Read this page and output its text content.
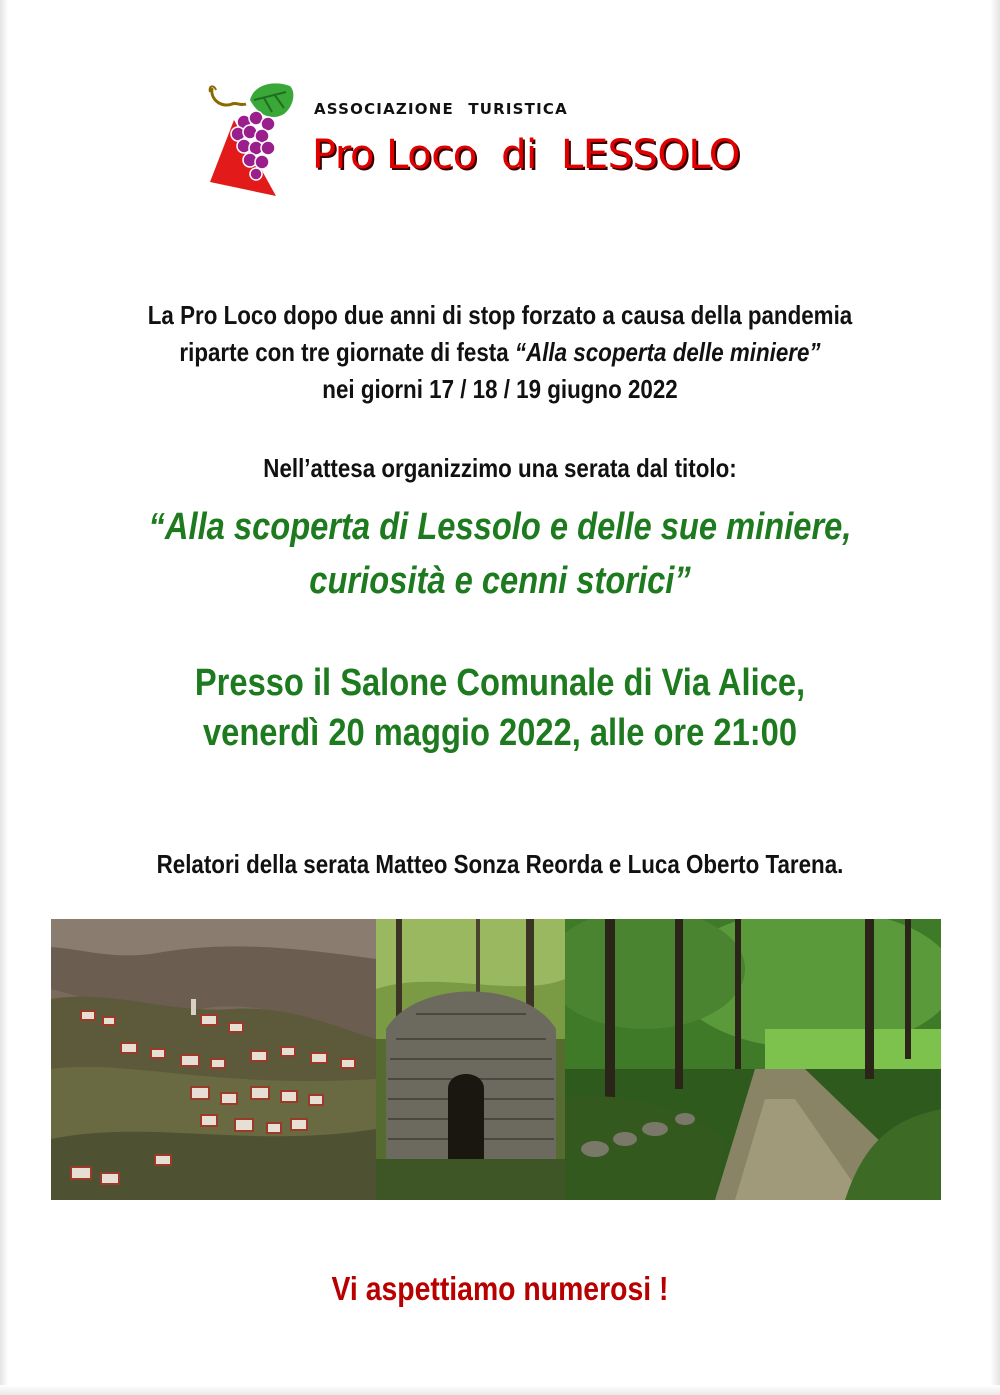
ASSOCIAZIONE TURISTICA
Pro Loco  di  LESSOLO
La Pro Loco dopo due anni di stop forzato a causa della pandemia
riparte con tre giornate di festa “Alla scoperta delle miniere”
nei giorni 17 / 18 / 19 giugno 2022
Nell’attesa organizzimo una serata dal titolo:
“Alla scoperta di Lessolo e delle sue miniere,
curiosità e cenni storici”
Presso il Salone Comunale di Via Alice,
venerdì 20 maggio 2022, alle ore 21:00
Relatori della serata Matteo Sonza Reorda e Luca Oberto Tarena.
Vi aspettiamo numerosi !
